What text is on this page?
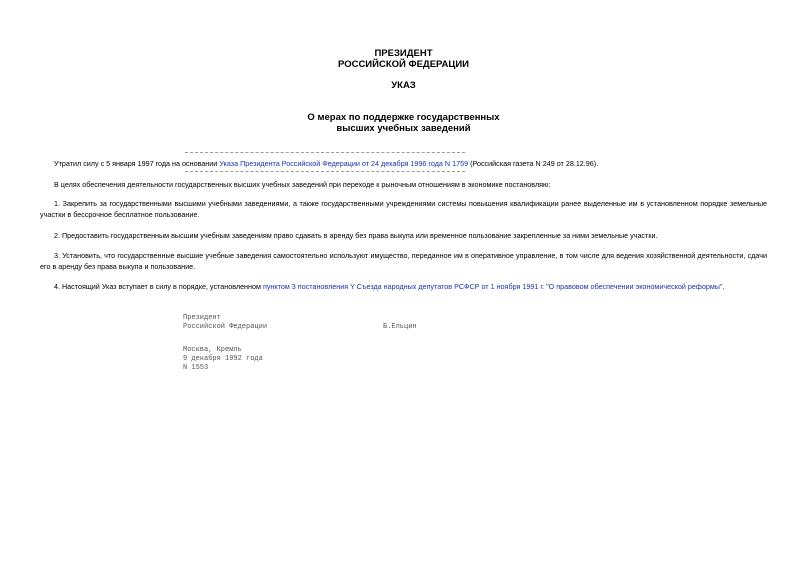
ПРЕЗИДЕНТ

РОССИЙСКОЙ ФЕДЕРАЦИИ

УКАЗ

О мерах по поддержке государственных

высших учебных заведений

Утратил силу с 5 января 1997 года на основании Указа Президента Российской Федерации от 24 декабря 1996 года N 1759 (Российская газета N 249 от 28.12.96).

В целях обеспечения деятельности государственных высших учебных заведений при переходе к рыночным отношениям в экономике постановляю:

1. Закрепить за государственными высшими учебными заведениями, а также государственными учреждениями системы повышения квалификации ранее выделенные им в установленном порядке земельные участки в бессрочное бесплатное пользование.

2. Предоставить государственным высшим учебным заведениям право сдавать в аренду без права выкупа или временное пользование закрепленные за ними земельные участки.

3. Установить, что государственные высшие учебные заведения самостоятельно используют имущество, переданное им в оперативное управление, в том числе для ведения хозяйственной деятельности, сдачи его в аренду без права выкупа и пользование.

4. Настоящий Указ вступает в силу в порядке, установленном пунктом 3 постановления Y Съезда народных депутатов РСФСР от 1 ноября 1991 г. "О правовом обеспечении экономической реформы".

Президент

Российской Федерации	Б.Ельцин

Москва, Кремль

9 декабря 1992 года

N 1553
